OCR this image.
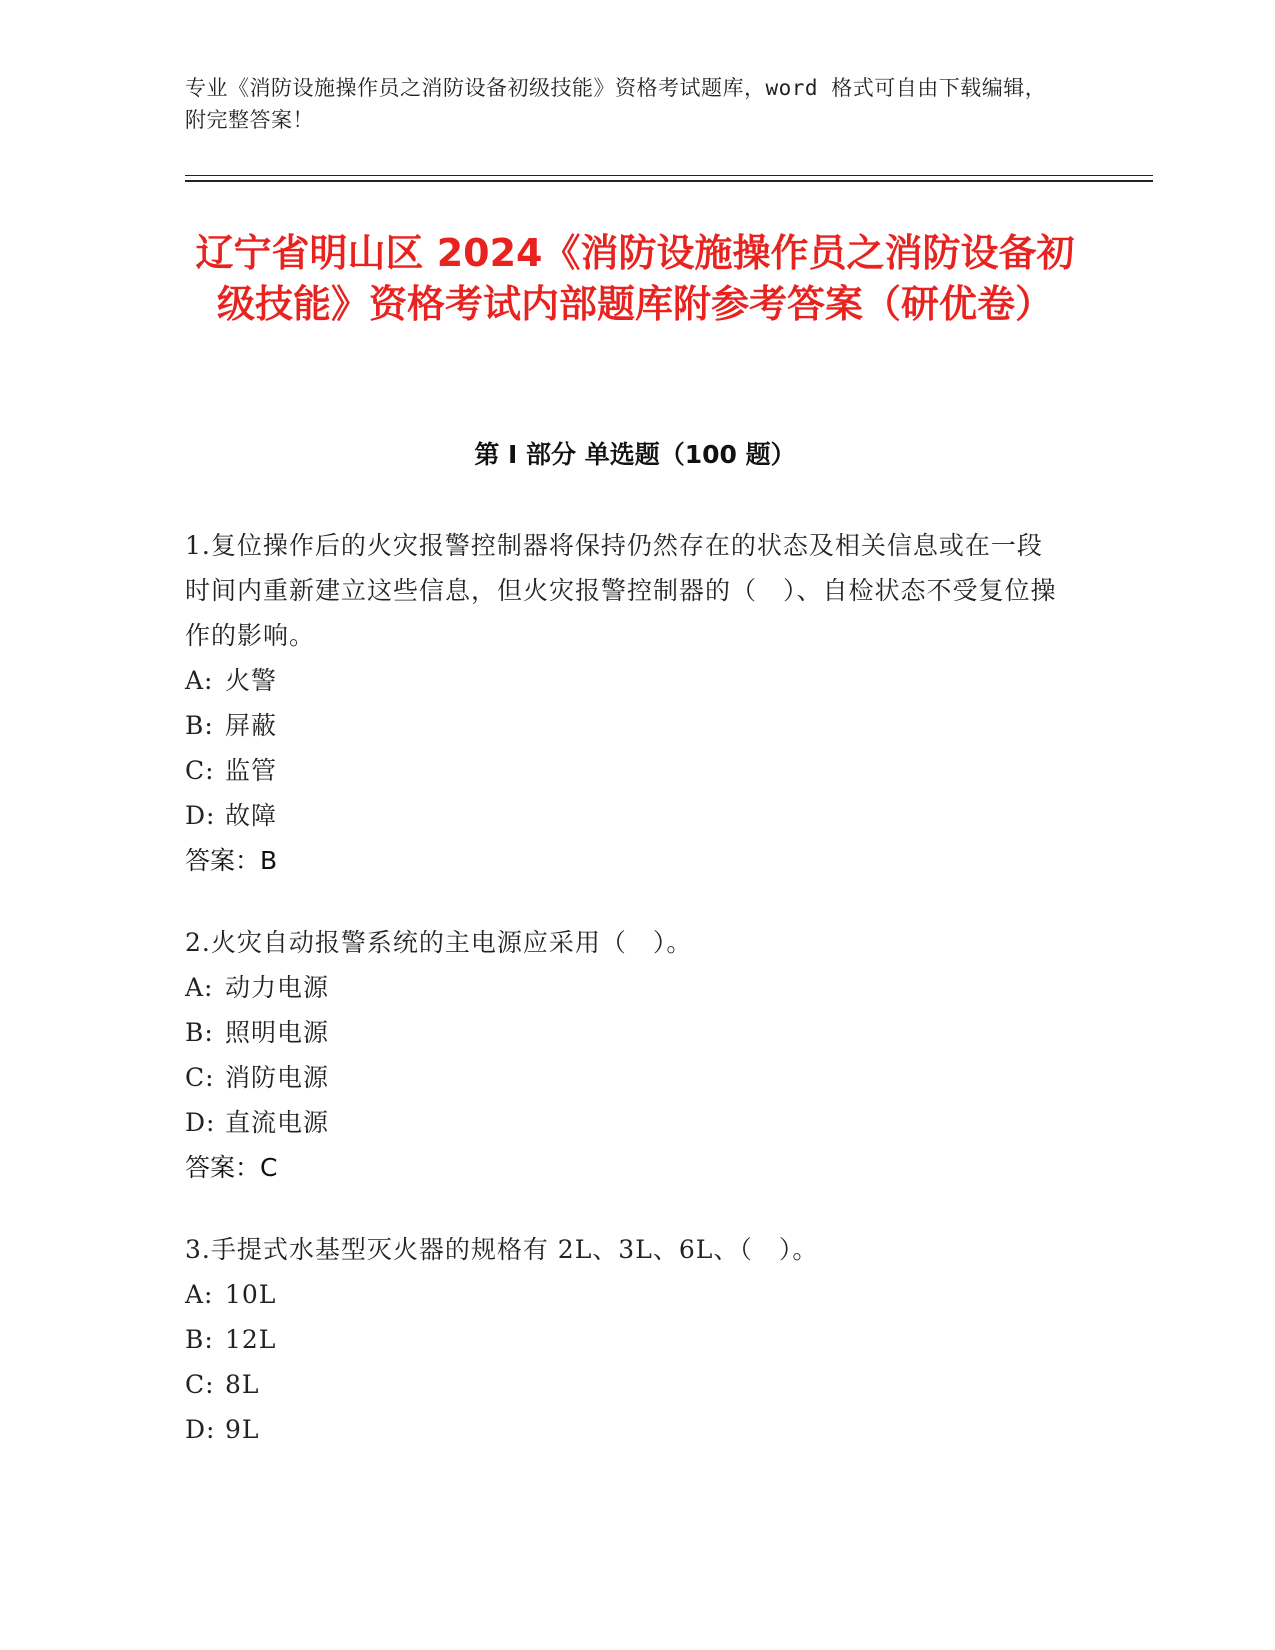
专业《消防设施操作员之消防设备初级技能》资格考试题库，word 格式可自由下载编辑，附完整答案！
辽宁省明山区 2024《消防设施操作员之消防设备初级技能》资格考试内部题库附参考答案（研优卷）
第 I 部分 单选题（100 题）
1.复位操作后的火灾报警控制器将保持仍然存在的状态及相关信息或在一段时间内重新建立这些信息，但火灾报警控制器的（　）、自检状态不受复位操作的影响。
A: 火警
B: 屏蔽
C: 监管
D: 故障
答案：B
2.火灾自动报警系统的主电源应采用（　）。
A: 动力电源
B: 照明电源
C: 消防电源
D: 直流电源
答案：C
3.手提式水基型灭火器的规格有 2L、3L、6L、（　）。
A: 10L
B: 12L
C: 8L
D: 9L
